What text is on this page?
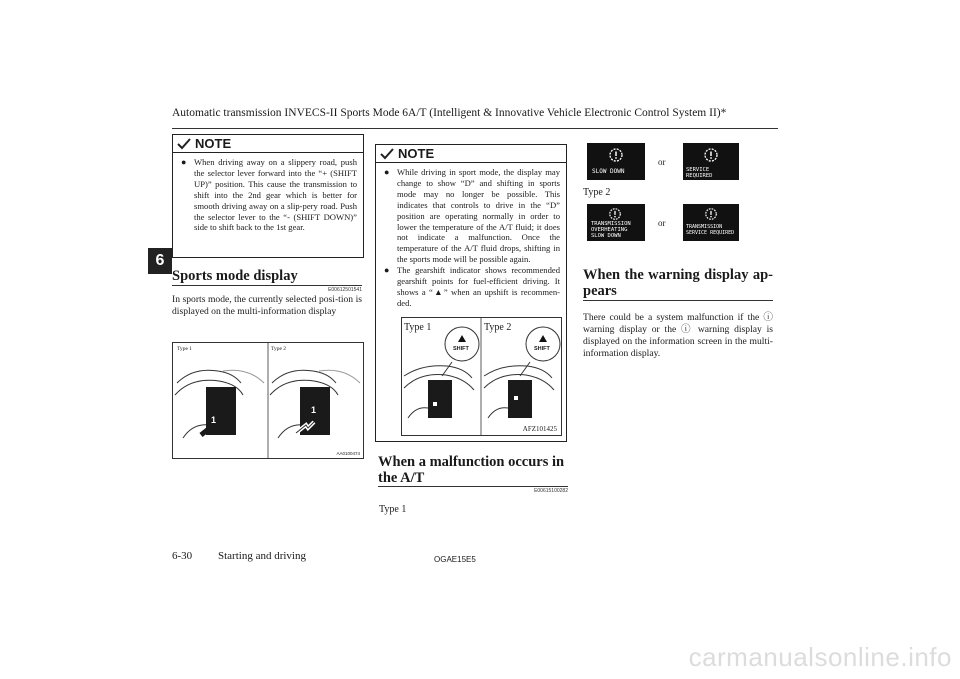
Automatic transmission INVECS-II Sports Mode 6A/T (Intelligent & Innovative Vehicle Electronic Control System II)*
6
NOTE
● When driving away on a slippery road, push the selector lever forward into the “+ (SHIFT UP)” position. This cause the transmission to shift into the 2nd gear which is better for smooth driving away on a slip-pery road. Push the selector lever to the “- (SHIFT DOWN)” side to shift back to the 1st gear.
Sports mode display
E00612501541
In sports mode, the currently selected posi-tion is displayed on the multi-information display
Type 1	Type 2
1
1
AA0100474
NOTE
● While driving in sport mode, the display may change to show “D” and shifting in sports mode may no longer be possible. This indicates that controls to drive in the “D” position are operating normally in order to lower the temperature of the A/T fluid; it does not indicate a malfunction. Once the temperature of the A/T fluid drops, shifting in the sports mode will be possible again.
● The gearshift indicator shows recommended gearshift points for fuel-efficient driving. It shows a “▲” when an upshift is recommen-ded.
Type 1	Type 2
SHIFT	SHIFT
AFZ101425
When a malfunction occurs in the A/T
E00615100282
Type 1
SLOW DOWN
or
SERVICE REQUIRED
Type 2
TRANSMISSION
OVERHEATING
SLOW DOWN
or	TRANSMISSION
SERVICE REQUIRED
When the warning display ap-pears
There could be a system malfunction if the ⓘ warning display or the ⓘ warning display is displayed on the information screen in the multi-information display.
6-30 Starting and driving	OGAE15E5
carmanualsonline.info
